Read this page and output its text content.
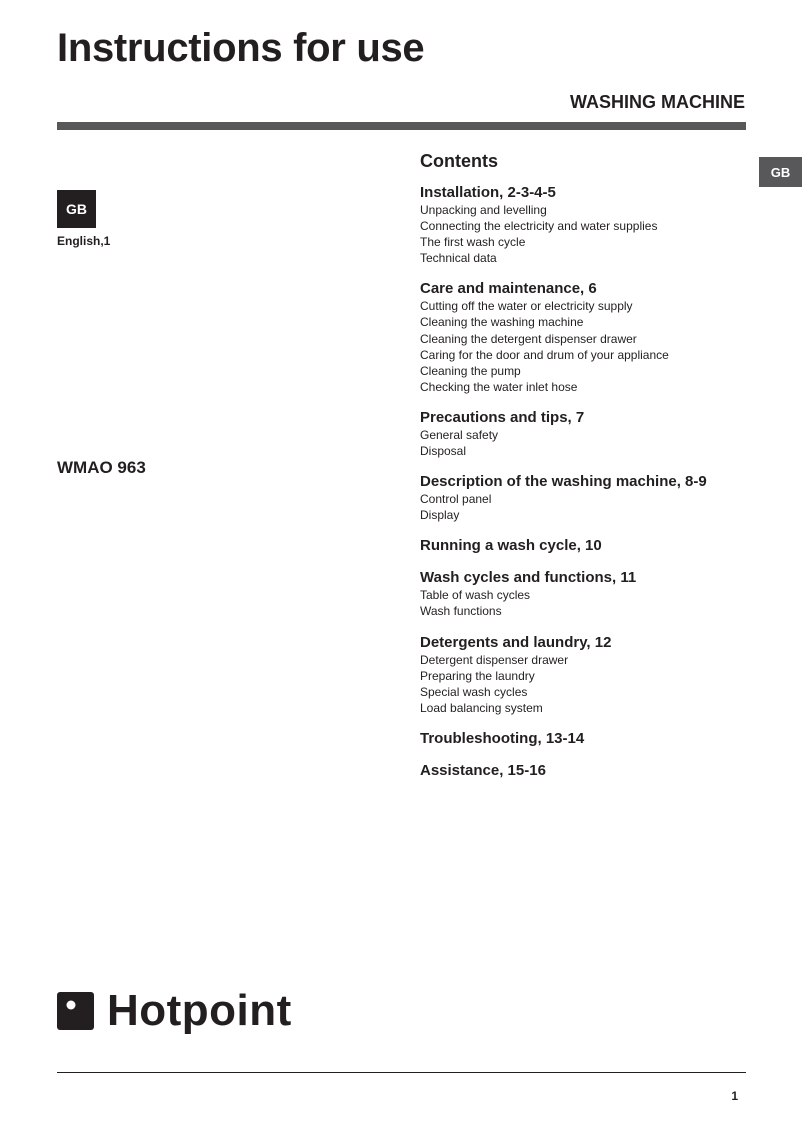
Instructions for use
WASHING MACHINE
GB
GB
English,1
WMAO 963
Contents
Installation, 2-3-4-5
Unpacking and levelling
Connecting the electricity and water supplies
The first wash cycle
Technical data
Care and maintenance, 6
Cutting off the water or electricity supply
Cleaning the washing machine
Cleaning the detergent dispenser drawer
Caring for the door and drum of your appliance
Cleaning the pump
Checking the water inlet hose
Precautions and tips, 7
General safety
Disposal
Description of the washing machine, 8-9
Control panel
Display
Running a wash cycle, 10
Wash cycles and functions, 11
Table of wash cycles
Wash functions
Detergents and laundry, 12
Detergent dispenser drawer
Preparing the laundry
Special wash cycles
Load balancing system
Troubleshooting, 13-14
Assistance, 15-16
Hotpoint
1
